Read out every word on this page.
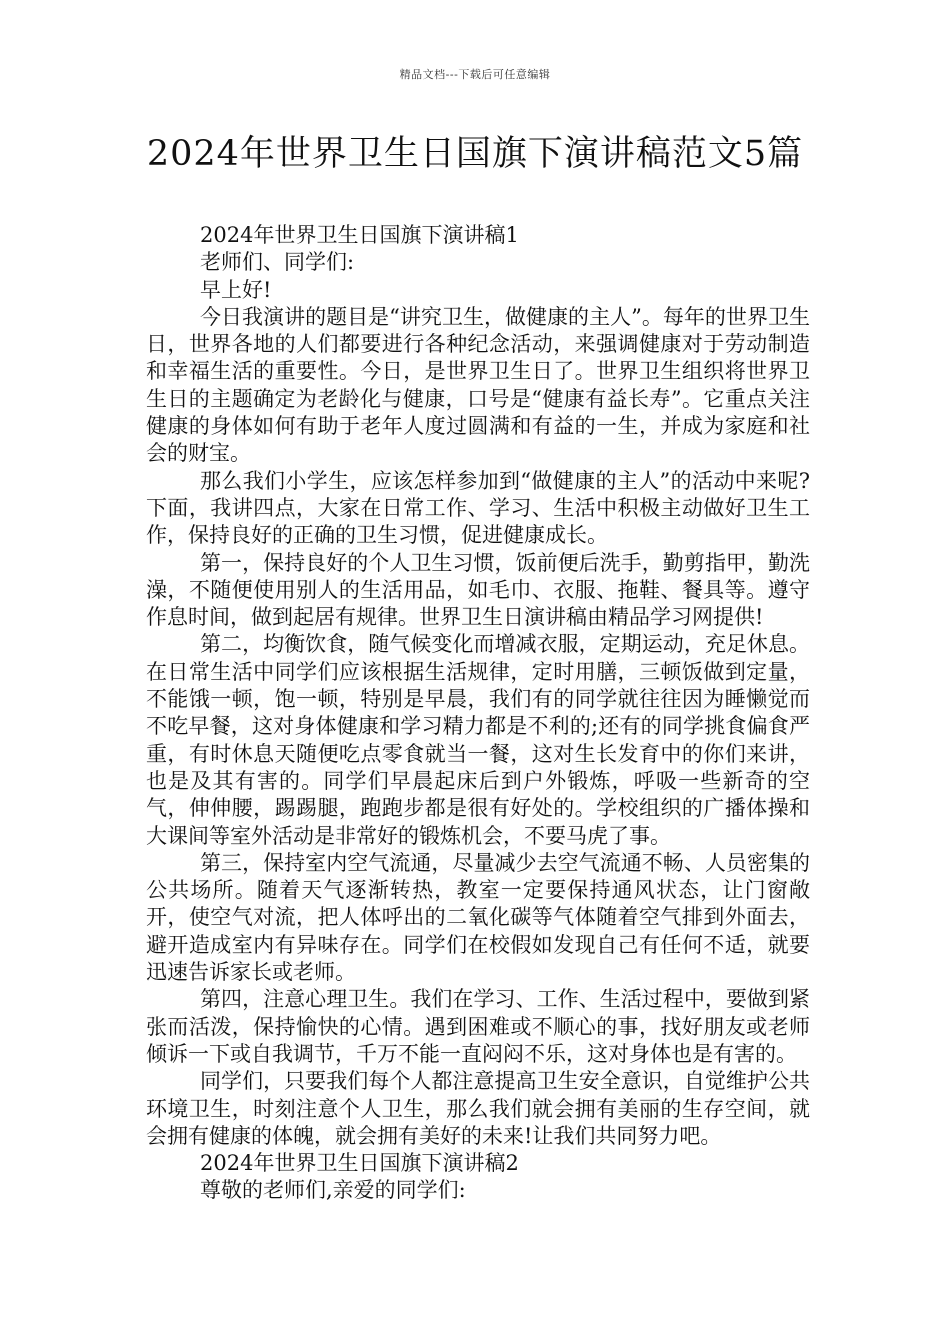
精品文档---下载后可任意编辑
2024年世界卫生日国旗下演讲稿范文5篇

2024年世界卫生日国旗下演讲稿1

老师们、同学们:

早上好!

今日我演讲的题目是“讲究卫生，做健康的主人”。每年的世界卫生日，世界各地的人们都要进行各种纪念活动，来强调健康对于劳动制造和幸福生活的重要性。今日，是世界卫生日了。世界卫生组织将世界卫生日的主题确定为老龄化与健康，口号是“健康有益长寿”。它重点关注健康的身体如何有助于老年人度过圆满和有益的一生，并成为家庭和社会的财宝。

那么我们小学生，应该怎样参加到“做健康的主人”的活动中来呢?下面，我讲四点，大家在日常工作、学习、生活中积极主动做好卫生工作，保持良好的正确的卫生习惯，促进健康成长。

第一，保持良好的个人卫生习惯，饭前便后洗手，勤剪指甲，勤洗澡，不随便使用别人的生活用品，如毛巾、衣服、拖鞋、餐具等。遵守作息时间，做到起居有规律。世界卫生日演讲稿由精品学习网提供!

第二，均衡饮食，随气候变化而增减衣服，定期运动，充足休息。在日常生活中同学们应该根据生活规律，定时用膳，三顿饭做到定量，不能饿一顿，饱一顿，特别是早晨，我们有的同学就往往因为睡懒觉而不吃早餐，这对身体健康和学习精力都是不利的;还有的同学挑食偏食严重，有时休息天随便吃点零食就当一餐，这对生长发育中的你们来讲，也是及其有害的。同学们早晨起床后到户外锻炼，呼吸一些新奇的空气，伸伸腰，踢踢腿，跑跑步都是很有好处的。学校组织的广播体操和大课间等室外活动是非常好的锻炼机会，不要马虎了事。

第三，保持室内空气流通，尽量减少去空气流通不畅、人员密集的公共场所。随着天气逐渐转热，教室一定要保持通风状态，让门窗敞开，使空气对流，把人体呼出的二氧化碳等气体随着空气排到外面去，避开造成室内有异味存在。同学们在校假如发现自己有任何不适，就要迅速告诉家长或老师。

第四，注意心理卫生。我们在学习、工作、生活过程中，要做到紧张而活泼，保持愉快的心情。遇到困难或不顺心的事，找好朋友或老师倾诉一下或自我调节，千万不能一直闷闷不乐，这对身体也是有害的。

同学们，只要我们每个人都注意提高卫生安全意识，自觉维护公共环境卫生，时刻注意个人卫生，那么我们就会拥有美丽的生存空间，就会拥有健康的体魄，就会拥有美好的未来!让我们共同努力吧。

2024年世界卫生日国旗下演讲稿2

尊敬的老师们,亲爱的同学们:
